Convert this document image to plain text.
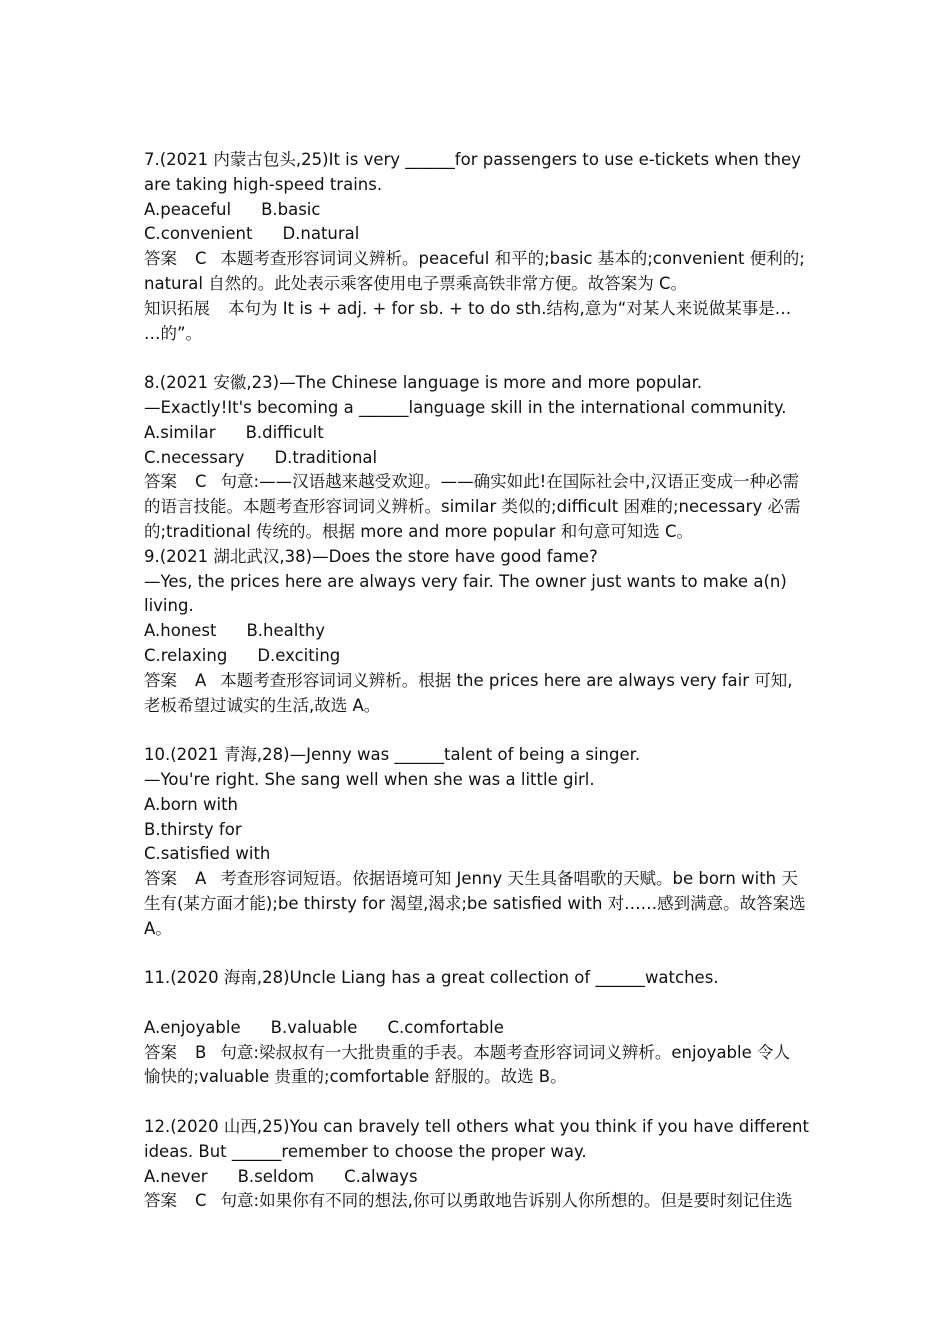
7.(2021 内蒙古包头,25)It is very ______for passengers to use e-tickets when they
are taking high-speed trains.
A.peaceful B.basic
C.convenient D.natural
答案 C 本题考查形容词词义辨析。peaceful 和平的;basic 基本的;convenient 便利的;
natural 自然的。此处表示乘客使用电子票乘高铁非常方便。故答案为 C。
知识拓展 本句为 It is + adj. + for sb. + to do sth.结构,意为“对某人来说做某事是…
…的”。
8.(2021 安徽,23)—The Chinese language is more and more popular.
—Exactly!It's becoming a ______language skill in the international community.
A.similar B.difficult
C.necessary D.traditional
答案 C 句意:——汉语越来越受欢迎。——确实如此!在国际社会中,汉语正变成一种必需
的语言技能。本题考查形容词词义辨析。similar 类似的;difficult 困难的;necessary 必需
的;traditional 传统的。根据 more and more popular 和句意可知选 C。
9.(2021 湖北武汉,38)—Does the store have good fame?
—Yes, the prices here are always very fair. The owner just wants to make a(n)
living.
A.honest B.healthy
C.relaxing D.exciting
答案 A 本题考查形容词词义辨析。根据 the prices here are always very fair 可知,
老板希望过诚实的生活,故选 A。
10.(2021 青海,28)—Jenny was ______talent of being a singer.
—You're right. She sang well when she was a little girl.
A.born with
B.thirsty for
C.satisfied with
答案 A 考查形容词短语。依据语境可知 Jenny 天生具备唱歌的天赋。be born with 天
生有(某方面才能);be thirsty for 渴望,渴求;be satisfied with 对……感到满意。故答案选
A。
11.(2020 海南,28)Uncle Liang has a great collection of ______watches.
A.enjoyable B.valuable C.comfortable
答案 B 句意:梁叔叔有一大批贵重的手表。本题考查形容词词义辨析。enjoyable 令人
愉快的;valuable 贵重的;comfortable 舒服的。故选 B。
12.(2020 山西,25)You can bravely tell others what you think if you have different
ideas. But ______remember to choose the proper way.
A.never B.seldom C.always
答案 C 句意:如果你有不同的想法,你可以勇敢地告诉别人你所想的。但是要时刻记住选
